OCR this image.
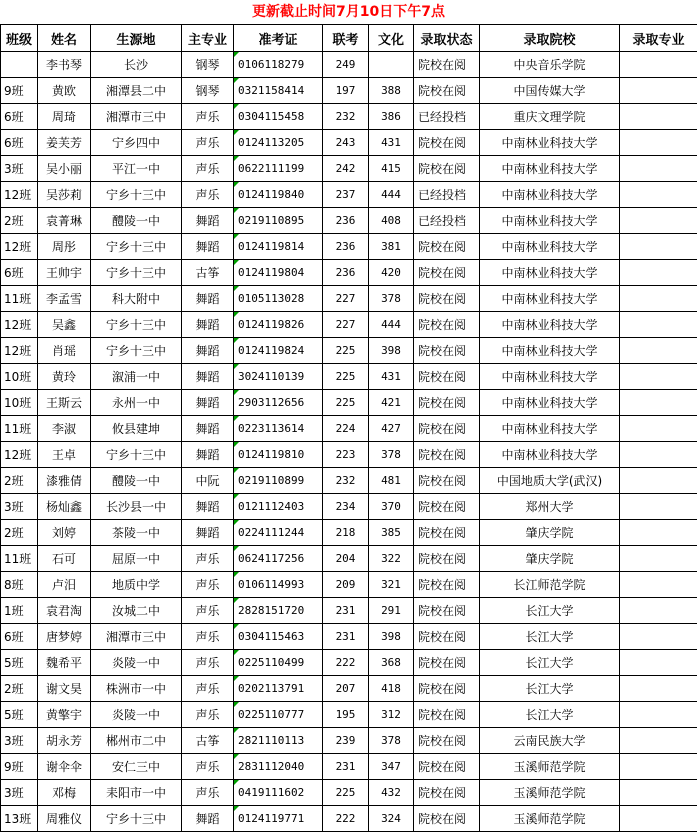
更新截止时间7月10日下午7点
班级	姓名	生源地	主专业	准考证	联考	文化	录取状态	录取院校	录取专业
	李书琴	长沙	钢琴	0106118279	249		院校在阅	中央音乐学院	
9班	黄欧	湘潭县二中	钢琴	0321158414	197	388	院校在阅	中国传媒大学	
6班	周琦	湘潭市三中	声乐	0304115458	232	386	已经投档	重庆文理学院	
6班	姜芙芳	宁乡四中	声乐	0124113205	243	431	院校在阅	中南林业科技大学	
3班	吴小丽	平江一中	声乐	0622111199	242	415	院校在阅	中南林业科技大学	
12班	吴莎莉	宁乡十三中	声乐	0124119840	237	444	已经投档	中南林业科技大学	
2班	袁菁琳	醴陵一中	舞蹈	0219110895	236	408	已经投档	中南林业科技大学	
12班	周彤	宁乡十三中	舞蹈	0124119814	236	381	院校在阅	中南林业科技大学	
6班	王帅宇	宁乡十三中	古筝	0124119804	236	420	院校在阅	中南林业科技大学	
11班	李孟雪	科大附中	舞蹈	0105113028	227	378	院校在阅	中南林业科技大学	
12班	吴鑫	宁乡十三中	舞蹈	0124119826	227	444	院校在阅	中南林业科技大学	
12班	肖瑶	宁乡十三中	舞蹈	0124119824	225	398	院校在阅	中南林业科技大学	
10班	黄玲	溆浦一中	舞蹈	3024110139	225	431	院校在阅	中南林业科技大学	
10班	王斯云	永州一中	舞蹈	2903112656	225	421	院校在阅	中南林业科技大学	
11班	李淑	攸县建坤	舞蹈	0223113614	224	427	院校在阅	中南林业科技大学	
12班	王卓	宁乡十三中	舞蹈	0124119810	223	378	院校在阅	中南林业科技大学	
2班	漆雅倩	醴陵一中	中阮	0219110899	232	481	院校在阅	中国地质大学(武汉)	
3班	杨灿鑫	长沙县一中	舞蹈	0121112403	234	370	院校在阅	郑州大学	
2班	刘婷	茶陵一中	舞蹈	0224111244	218	385	院校在阅	肇庆学院	
11班	石可	屈原一中	声乐	0624117256	204	322	院校在阅	肇庆学院	
8班	卢汨	地质中学	声乐	0106114993	209	321	院校在阅	长江师范学院	
1班	袁君淘	汝城二中	声乐	2828151720	231	291	院校在阅	长江大学	
6班	唐梦婷	湘潭市三中	声乐	0304115463	231	398	院校在阅	长江大学	
5班	魏希平	炎陵一中	声乐	0225110499	222	368	院校在阅	长江大学	
2班	谢文昊	株洲市一中	声乐	0202113791	207	418	院校在阅	长江大学	
5班	黄擎宇	炎陵一中	声乐	0225110777	195	312	院校在阅	长江大学	
3班	胡永芳	郴州市二中	古筝	2821110113	239	378	院校在阅	云南民族大学	
9班	谢伞伞	安仁三中	声乐	2831112040	231	347	院校在阅	玉溪师范学院	
3班	邓梅	耒阳市一中	声乐	0419111602	225	432	院校在阅	玉溪师范学院	
13班	周雅仪	宁乡十三中	舞蹈	0124119771	222	324	院校在阅	玉溪师范学院	
